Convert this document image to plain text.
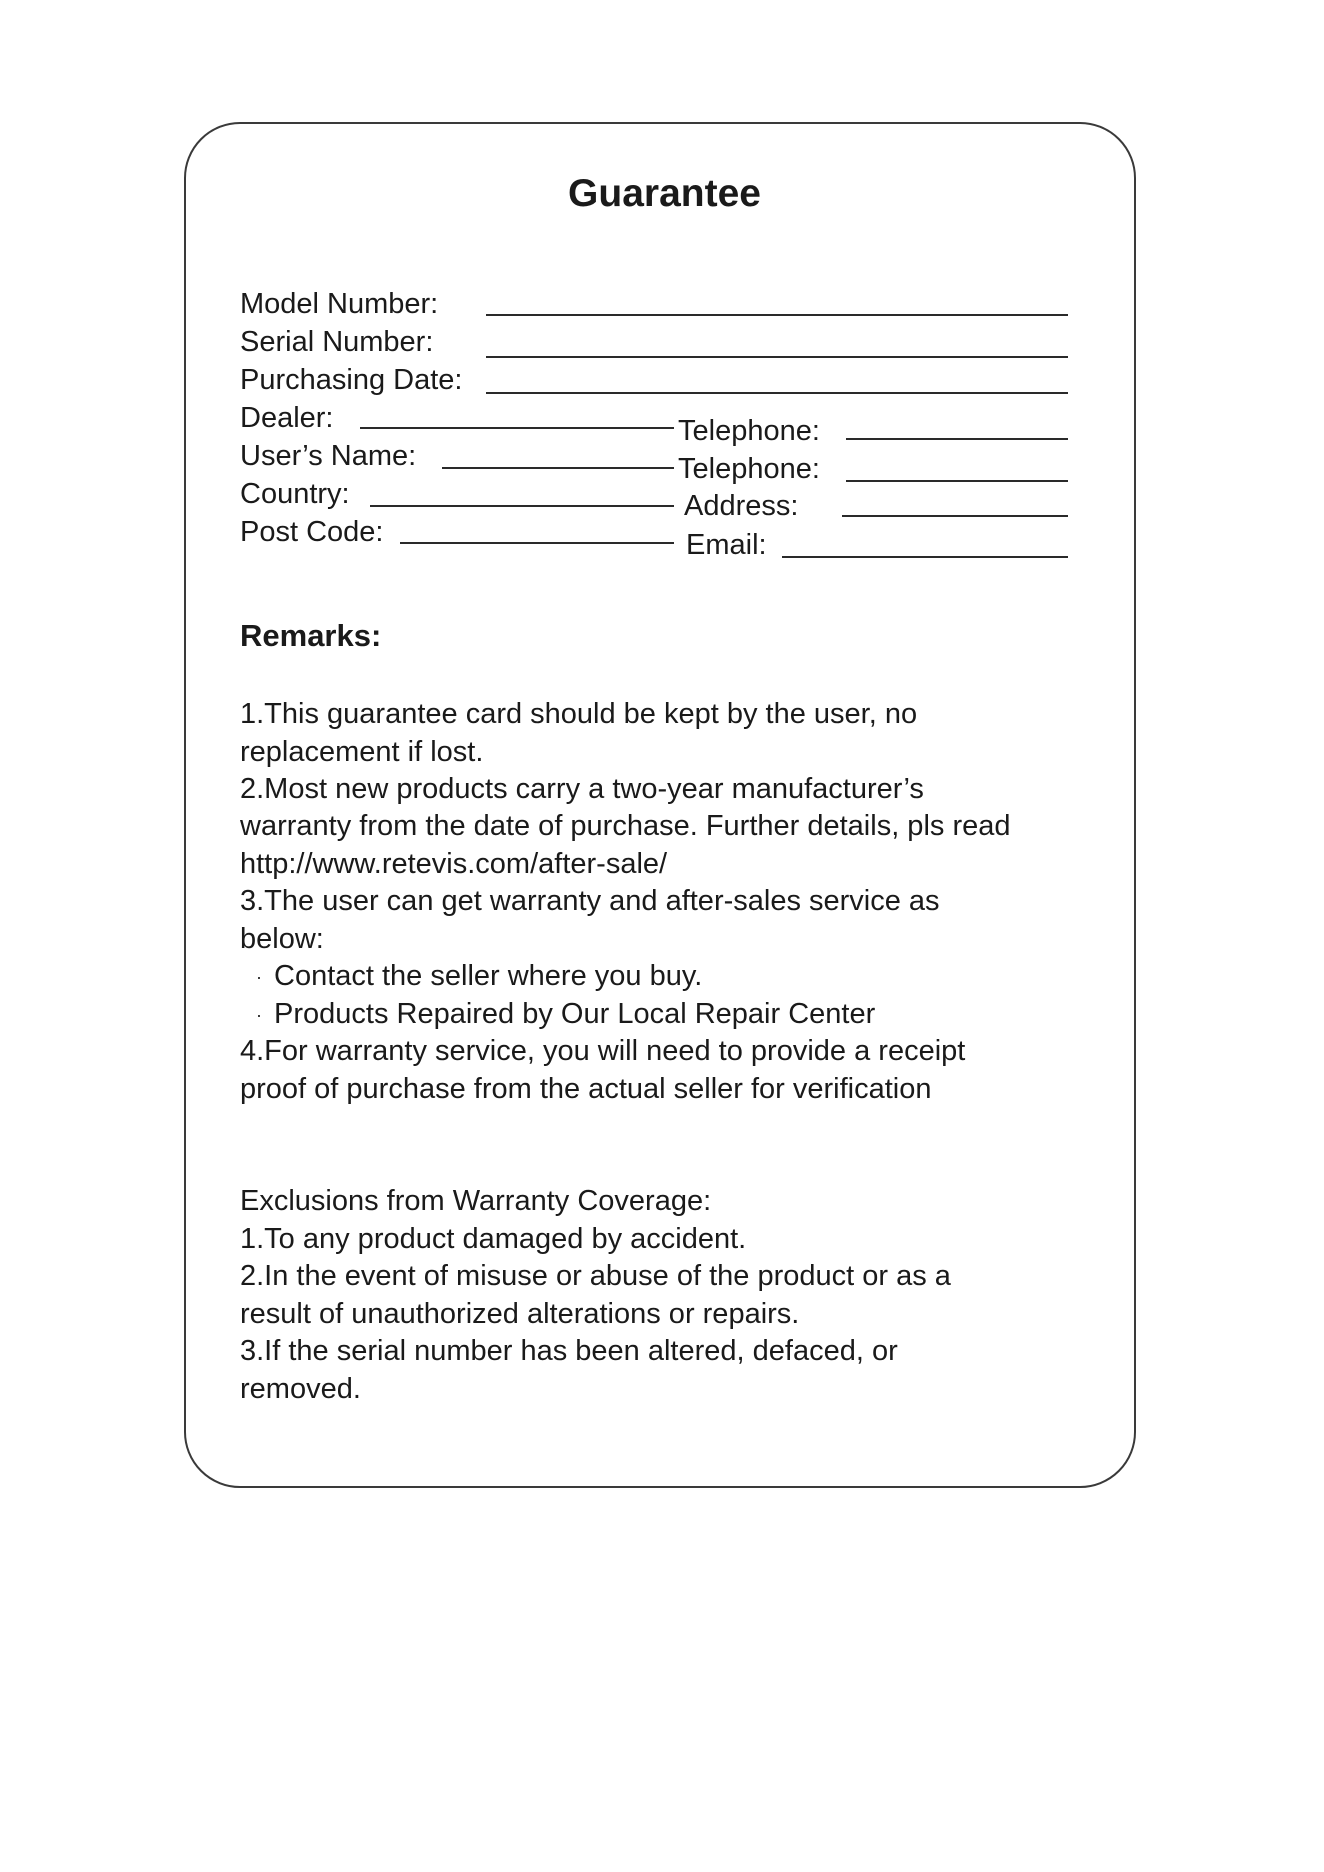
Guarantee
Model Number:
Serial Number:
Purchasing Date:
Dealer:	Telephone:
User’s Name:	Telephone:
Country:	Address:
Post Code:	Email:
Remarks:
1.This guarantee card should be kept by the user, no
replacement if lost.
2.Most new products carry a two-year manufacturer’s
warranty from the date of purchase. Further details, pls read
http://www.retevis.com/after-sale/
3.The user can get warranty and after-sales service as
below:
· Contact the seller where you buy.
· Products Repaired by Our Local Repair Center
4.For warranty service, you will need to provide a receipt
proof of purchase from the actual seller for verification
Exclusions from Warranty Coverage:
1.To any product damaged by accident.
2.In the event of misuse or abuse of the product or as a
result of unauthorized alterations or repairs.
3.If the serial number has been altered, defaced, or
removed.
